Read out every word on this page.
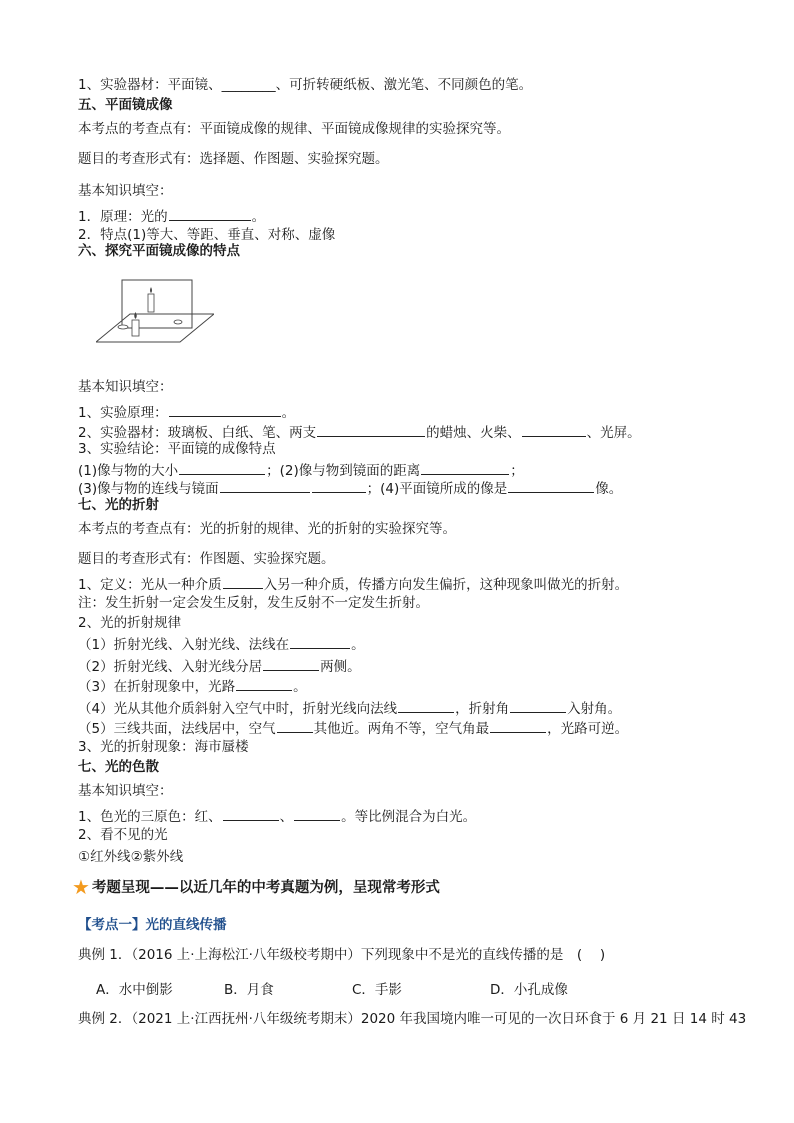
1、实验器材：平面镜、________、可折转硬纸板、激光笔、不同颜色的笔。
五、平面镜成像
本考点的考查点有：平面镜成像的规律、平面镜成像规律的实验探究等。
题目的考查形式有：选择题、作图题、实验探究题。
基本知识填空：
1．原理：光的	。
2．特点(1)等大、等距、垂直、对称、虚像
六、探究平面镜成像的特点
基本知识填空：
1、实验原理：	。
2、实验器材：玻璃板、白纸、笔、两支	的蜡烛、火柴、	、光屏。
3、实验结论：平面镜的成像特点
(1)像与物的大小	；(2)像与物到镜面的距离	；
(3)像与物的连线与镜面	；(4)平面镜所成的像是	像。
七、光的折射
本考点的考查点有：光的折射的规律、光的折射的实验探究等。
题目的考查形式有：作图题、实验探究题。
1、定义：光从一种介质	入另一种介质，传播方向发生偏折，这种现象叫做光的折射。
注：发生折射一定会发生反射，发生反射不一定发生折射。
2、光的折射规律
（1）折射光线、入射光线、法线在	。
（2）折射光线、入射光线分居	两侧。
（3）在折射现象中，光路	。
（4）光从其他介质斜射入空气中时，折射光线向法线	，折射角	入射角。
（5）三线共面，法线居中，空气	其他近。两角不等，空气角最	，光路可逆。
3、光的折射现象：海市蜃楼
七、光的色散
基本知识填空：
1、色光的三原色：红、	、	。等比例混合为白光。
2、看不见的光
①红外线②紫外线
★ 考题呈现——以近几年的中考真题为例，呈现常考形式
【考点一】光的直线传播
典例 1．（2016 上·上海松江·八年级校考期中）下列现象中不是光的直线传播的是　(　 )
A．水中倒影	B．月食	C．手影	D．小孔成像
典例 2．（2021 上·江西抚州·八年级统考期末）2020 年我国境内唯一可见的一次日环食于 6 月 21 日 14 时 43
